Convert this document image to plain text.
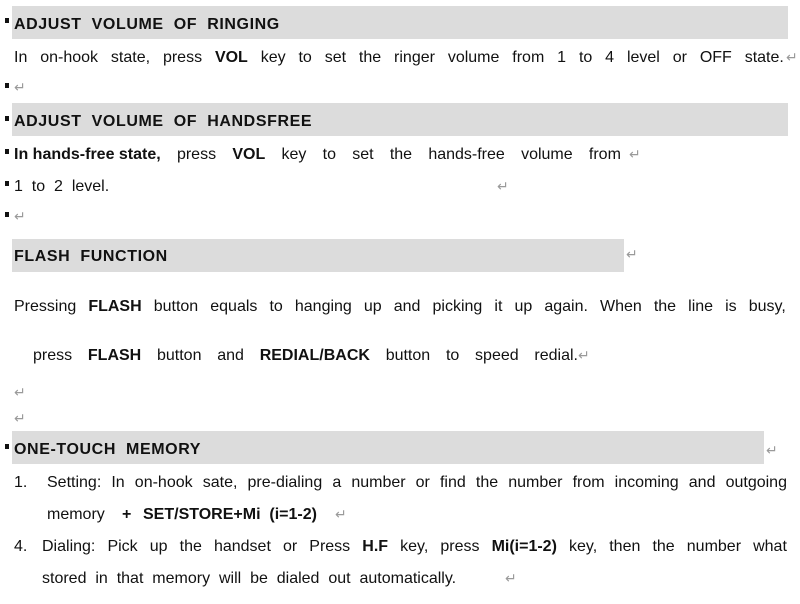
ADJUST VOLUME OF RINGING
In on-hook state, press VOL key to set the ringer volume from 1 to 4 level or OFF state. ↵
↵
ADJUST VOLUME OF HANDSFREE
In hands-free state, press VOL key to set the hands-free volume from ↵
1  to  2  level.	↵
↵
FLASH FUNCTION	↵
Pressing FLASH button equals to hanging up and picking it up again. When the line is busy,
press FLASH button and REDIAL/BACK button to speed redial. ↵
↵
↵
ONE-TOUCH MEMORY	↵
1. Setting: In on-hook sate, pre-dialing a number or find the number from incoming and outgoing
memory + SET/STORE+Mi  (i=1-2) ↵
4. Dialing: Pick up the handset or Press H.F key, press Mi(i=1-2) key, then the number what
stored  in  that  memory  will  be  dialed  out  automatically.	↵
